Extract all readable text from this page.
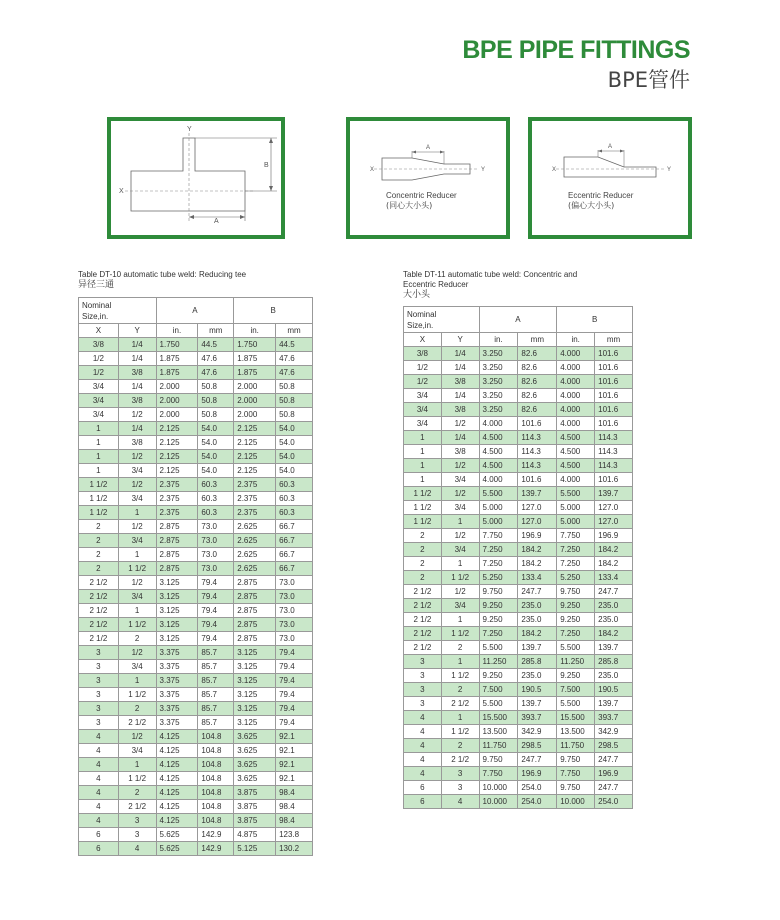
BPE PIPE FITTINGS
BPE管件
X
Y
B
A
A
X	Y
Concentric Reducer
(同心大小头)
A
X	Y
Eccentric Reducer
(偏心大小头)
Table DT-10 automatic tube weld: Reducing tee
异径三通
Nominal
Size,in.		A		B	
X	Y	in.	mm	in.	mm
3/8	1/4	1.750	44.5	1.750	44.5
1/2	1/4	1.875	47.6	1.875	47.6
1/2	3/8	1.875	47.6	1.875	47.6
3/4	1/4	2.000	50.8	2.000	50.8
3/4	3/8	2.000	50.8	2.000	50.8
3/4	1/2	2.000	50.8	2.000	50.8
1	1/4	2.125	54.0	2.125	54.0
1	3/8	2.125	54.0	2.125	54.0
1	1/2	2.125	54.0	2.125	54.0
1	3/4	2.125	54.0	2.125	54.0
1 1/2	1/2	2.375	60.3	2.375	60.3
1 1/2	3/4	2.375	60.3	2.375	60.3
1 1/2	1	2.375	60.3	2.375	60.3
2	1/2	2.875	73.0	2.625	66.7
2	3/4	2.875	73.0	2.625	66.7
2	1	2.875	73.0	2.625	66.7
2	1 1/2	2.875	73.0	2.625	66.7
2 1/2	1/2	3.125	79.4	2.875	73.0
2 1/2	3/4	3.125	79.4	2.875	73.0
2 1/2	1	3.125	79.4	2.875	73.0
2 1/2	1 1/2	3.125	79.4	2.875	73.0
2 1/2	2	3.125	79.4	2.875	73.0
3	1/2	3.375	85.7	3.125	79.4
3	3/4	3.375	85.7	3.125	79.4
3	1	3.375	85.7	3.125	79.4
3	1 1/2	3.375	85.7	3.125	79.4
3	2	3.375	85.7	3.125	79.4
3	2 1/2	3.375	85.7	3.125	79.4
4	1/2	4.125	104.8	3.625	92.1
4	3/4	4.125	104.8	3.625	92.1
4	1	4.125	104.8	3.625	92.1
4	1 1/2	4.125	104.8	3.625	92.1
4	2	4.125	104.8	3.875	98.4
4	2 1/2	4.125	104.8	3.875	98.4
4	3	4.125	104.8	3.875	98.4
6	3	5.625	142.9	4.875	123.8
6	4	5.625	142.9	5.125	130.2
Table DT-11 automatic tube weld: Concentric and
Eccentric Reducer
大小头
Nominal
Size,in.		A		B	
X	Y	in.	mm	in.	mm
3/8	1/4	3.250	82.6	4.000	101.6
1/2	1/4	3.250	82.6	4.000	101.6
1/2	3/8	3.250	82.6	4.000	101.6
3/4	1/4	3.250	82.6	4.000	101.6
3/4	3/8	3.250	82.6	4.000	101.6
3/4	1/2	4.000	101.6	4.000	101.6
1	1/4	4.500	114.3	4.500	114.3
1	3/8	4.500	114.3	4.500	114.3
1	1/2	4.500	114.3	4.500	114.3
1	3/4	4.000	101.6	4.000	101.6
1 1/2	1/2	5.500	139.7	5.500	139.7
1 1/2	3/4	5.000	127.0	5.000	127.0
1 1/2	1	5.000	127.0	5.000	127.0
2	1/2	7.750	196.9	7.750	196.9
2	3/4	7.250	184.2	7.250	184.2
2	1	7.250	184.2	7.250	184.2
2	1 1/2	5.250	133.4	5.250	133.4
2 1/2	1/2	9.750	247.7	9.750	247.7
2 1/2	3/4	9.250	235.0	9.250	235.0
2 1/2	1	9.250	235.0	9.250	235.0
2 1/2	1 1/2	7.250	184.2	7.250	184.2
2 1/2	2	5.500	139.7	5.500	139.7
3	1	11.250	285.8	11.250	285.8
3	1 1/2	9.250	235.0	9.250	235.0
3	2	7.500	190.5	7.500	190.5
3	2 1/2	5.500	139.7	5.500	139.7
4	1	15.500	393.7	15.500	393.7
4	1 1/2	13.500	342.9	13.500	342.9
4	2	11.750	298.5	11.750	298.5
4	2 1/2	9.750	247.7	9.750	247.7
4	3	7.750	196.9	7.750	196.9
6	3	10.000	254.0	9.750	247.7
6	4	10.000	254.0	10.000	254.0
